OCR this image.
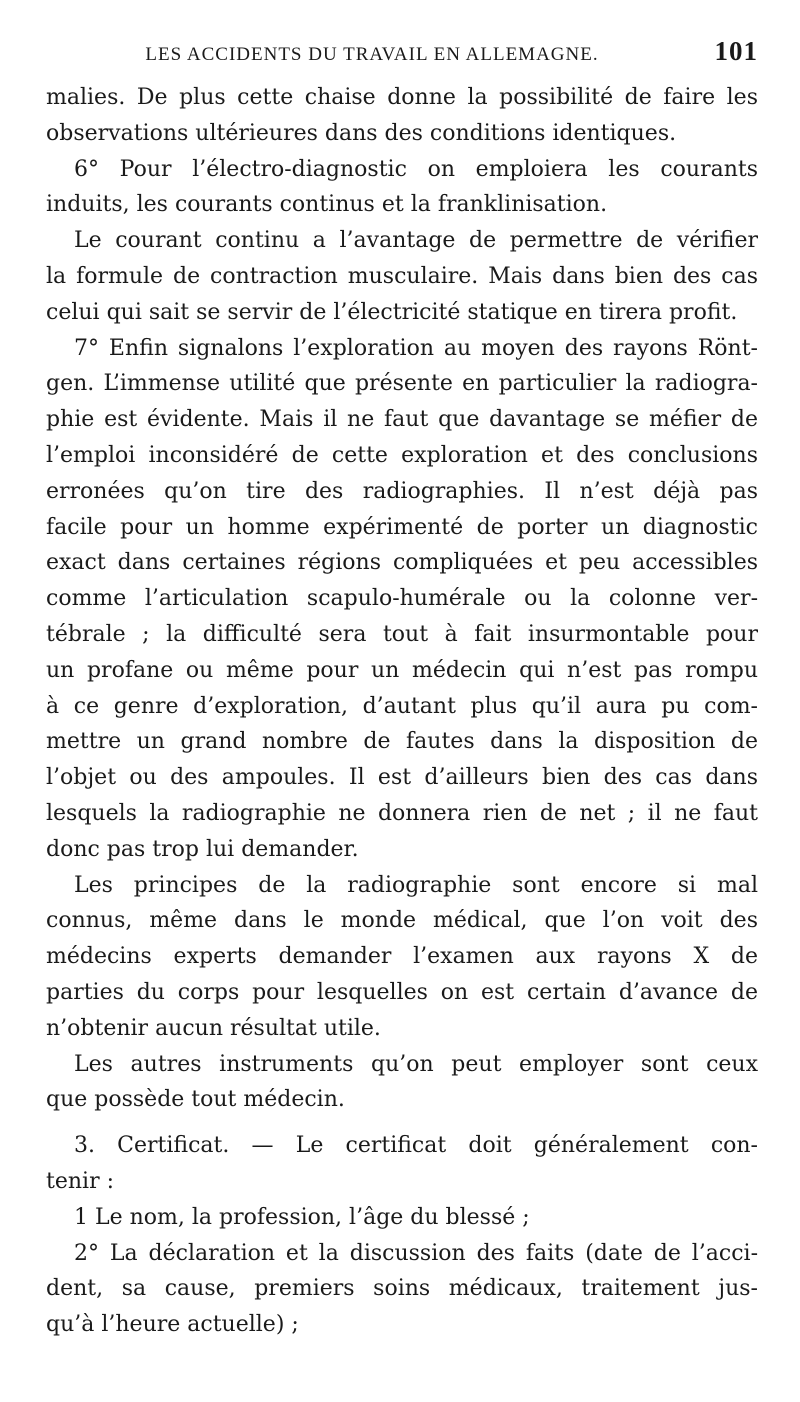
LES ACCIDENTS DU TRAVAIL EN ALLEMAGNE.	101
malies. De plus cette chaise donne la possibilité de faire les
observations ultérieures dans des conditions identiques.
6° Pour l’électro-diagnostic on emploiera les courants
induits, les courants continus et la franklinisation.
Le courant continu a l’avantage de permettre de vérifier
la formule de contraction musculaire. Mais dans bien des cas
celui qui sait se servir de l’électricité statique en tirera profit.
7° Enfin signalons l’exploration au moyen des rayons Rönt-
gen. L’immense utilité que présente en particulier la radiogra-
phie est évidente. Mais il ne faut que davantage se méfier de
l’emploi inconsidéré de cette exploration et des conclusions
erronées qu’on tire des radiographies. Il n’est déjà pas
facile pour un homme expérimenté de porter un diagnostic
exact dans certaines régions compliquées et peu accessibles
comme l’articulation scapulo-humérale ou la colonne ver-
tébrale ; la difficulté sera tout à fait insurmontable pour
un profane ou même pour un médecin qui n’est pas rompu
à ce genre d’exploration, d’autant plus qu’il aura pu com-
mettre un grand nombre de fautes dans la disposition de
l’objet ou des ampoules. Il est d’ailleurs bien des cas dans
lesquels la radiographie ne donnera rien de net ; il ne faut
donc pas trop lui demander.
Les principes de la radiographie sont encore si mal
connus, même dans le monde médical, que l’on voit des
médecins experts demander l’examen aux rayons X de
parties du corps pour lesquelles on est certain d’avance de
n’obtenir aucun résultat utile.
Les autres instruments qu’on peut employer sont ceux
que possède tout médecin.
3. Certificat. — Le certificat doit généralement con-
tenir :
1 Le nom, la profession, l’âge du blessé ;
2° La déclaration et la discussion des faits (date de l’acci-
dent, sa cause, premiers soins médicaux, traitement jus-
qu’à l’heure actuelle) ;
